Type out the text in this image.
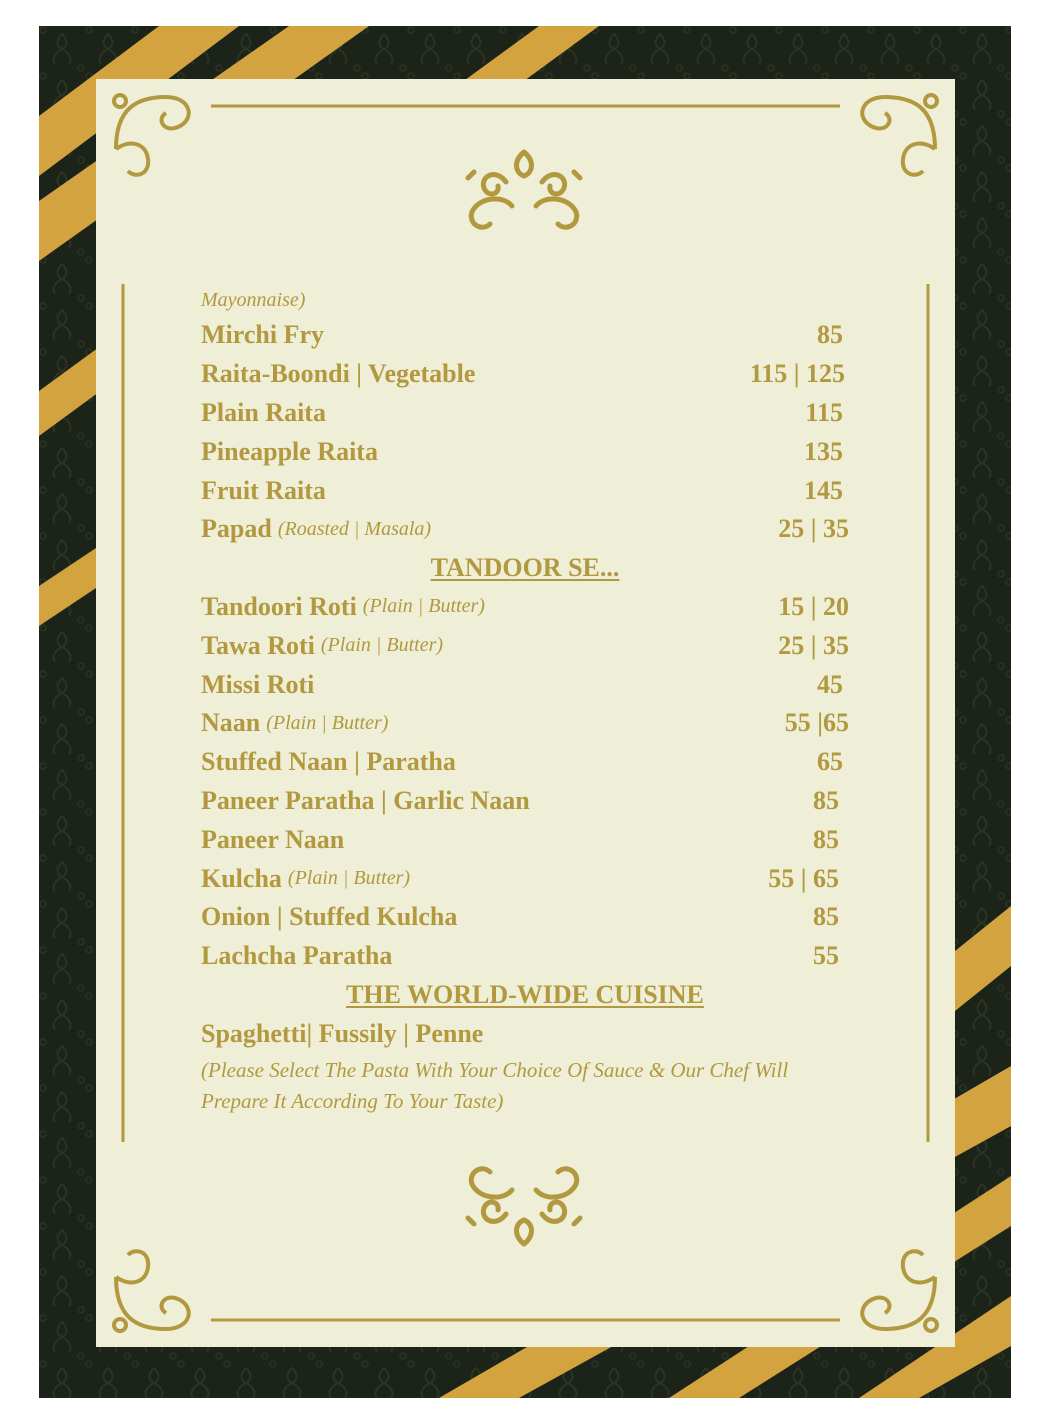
Mayonnaise)
Mirchi Fry	85
Raita-Boondi | Vegetable	115 | 125
Plain Raita	115
Pineapple Raita	135
Fruit Raita	145
Papad (Roasted | Masala)	25 | 35
TANDOOR SE...
Tandoori Roti (Plain | Butter)	15 | 20
Tawa Roti (Plain | Butter)	25 | 35
Missi Roti	45
Naan (Plain | Butter)	55 |65
Stuffed Naan | Paratha	65
Paneer Paratha | Garlic Naan	85
Paneer Naan	85
Kulcha (Plain | Butter)	55 | 65
Onion | Stuffed Kulcha	85
Lachcha Paratha	55
THE WORLD-WIDE CUISINE
Spaghetti| Fussily | Penne
(Please Select The Pasta With Your Choice Of Sauce & Our Chef Will Prepare It According To Your Taste)
